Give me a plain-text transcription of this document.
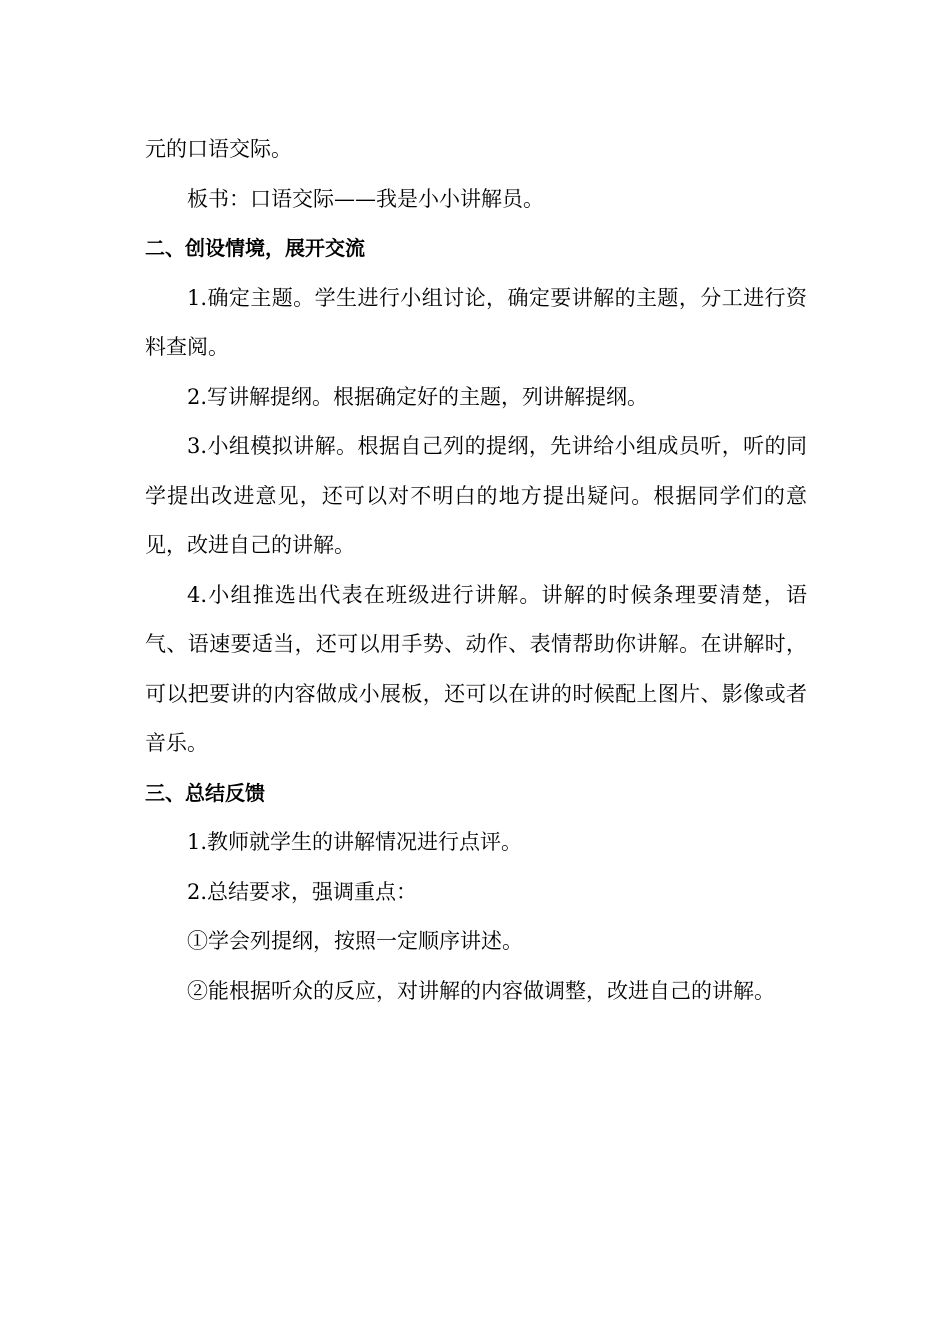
元的口语交际。

板书：口语交际——我是小小讲解员。

二、创设情境，展开交流

1.确定主题。学生进行小组讨论，确定要讲解的主题，分工进行资料查阅。

2.写讲解提纲。根据确定好的主题，列讲解提纲。

3.小组模拟讲解。根据自己列的提纲，先讲给小组成员听，听的同学提出改进意见，还可以对不明白的地方提出疑问。根据同学们的意见，改进自己的讲解。

4.小组推选出代表在班级进行讲解。讲解的时候条理要清楚，语气、语速要适当，还可以用手势、动作、表情帮助你讲解。在讲解时，可以把要讲的内容做成小展板，还可以在讲的时候配上图片、影像或者音乐。

三、总结反馈

1.教师就学生的讲解情况进行点评。

2.总结要求，强调重点：

①学会列提纲，按照一定顺序讲述。

②能根据听众的反应，对讲解的内容做调整，改进自己的讲解。
